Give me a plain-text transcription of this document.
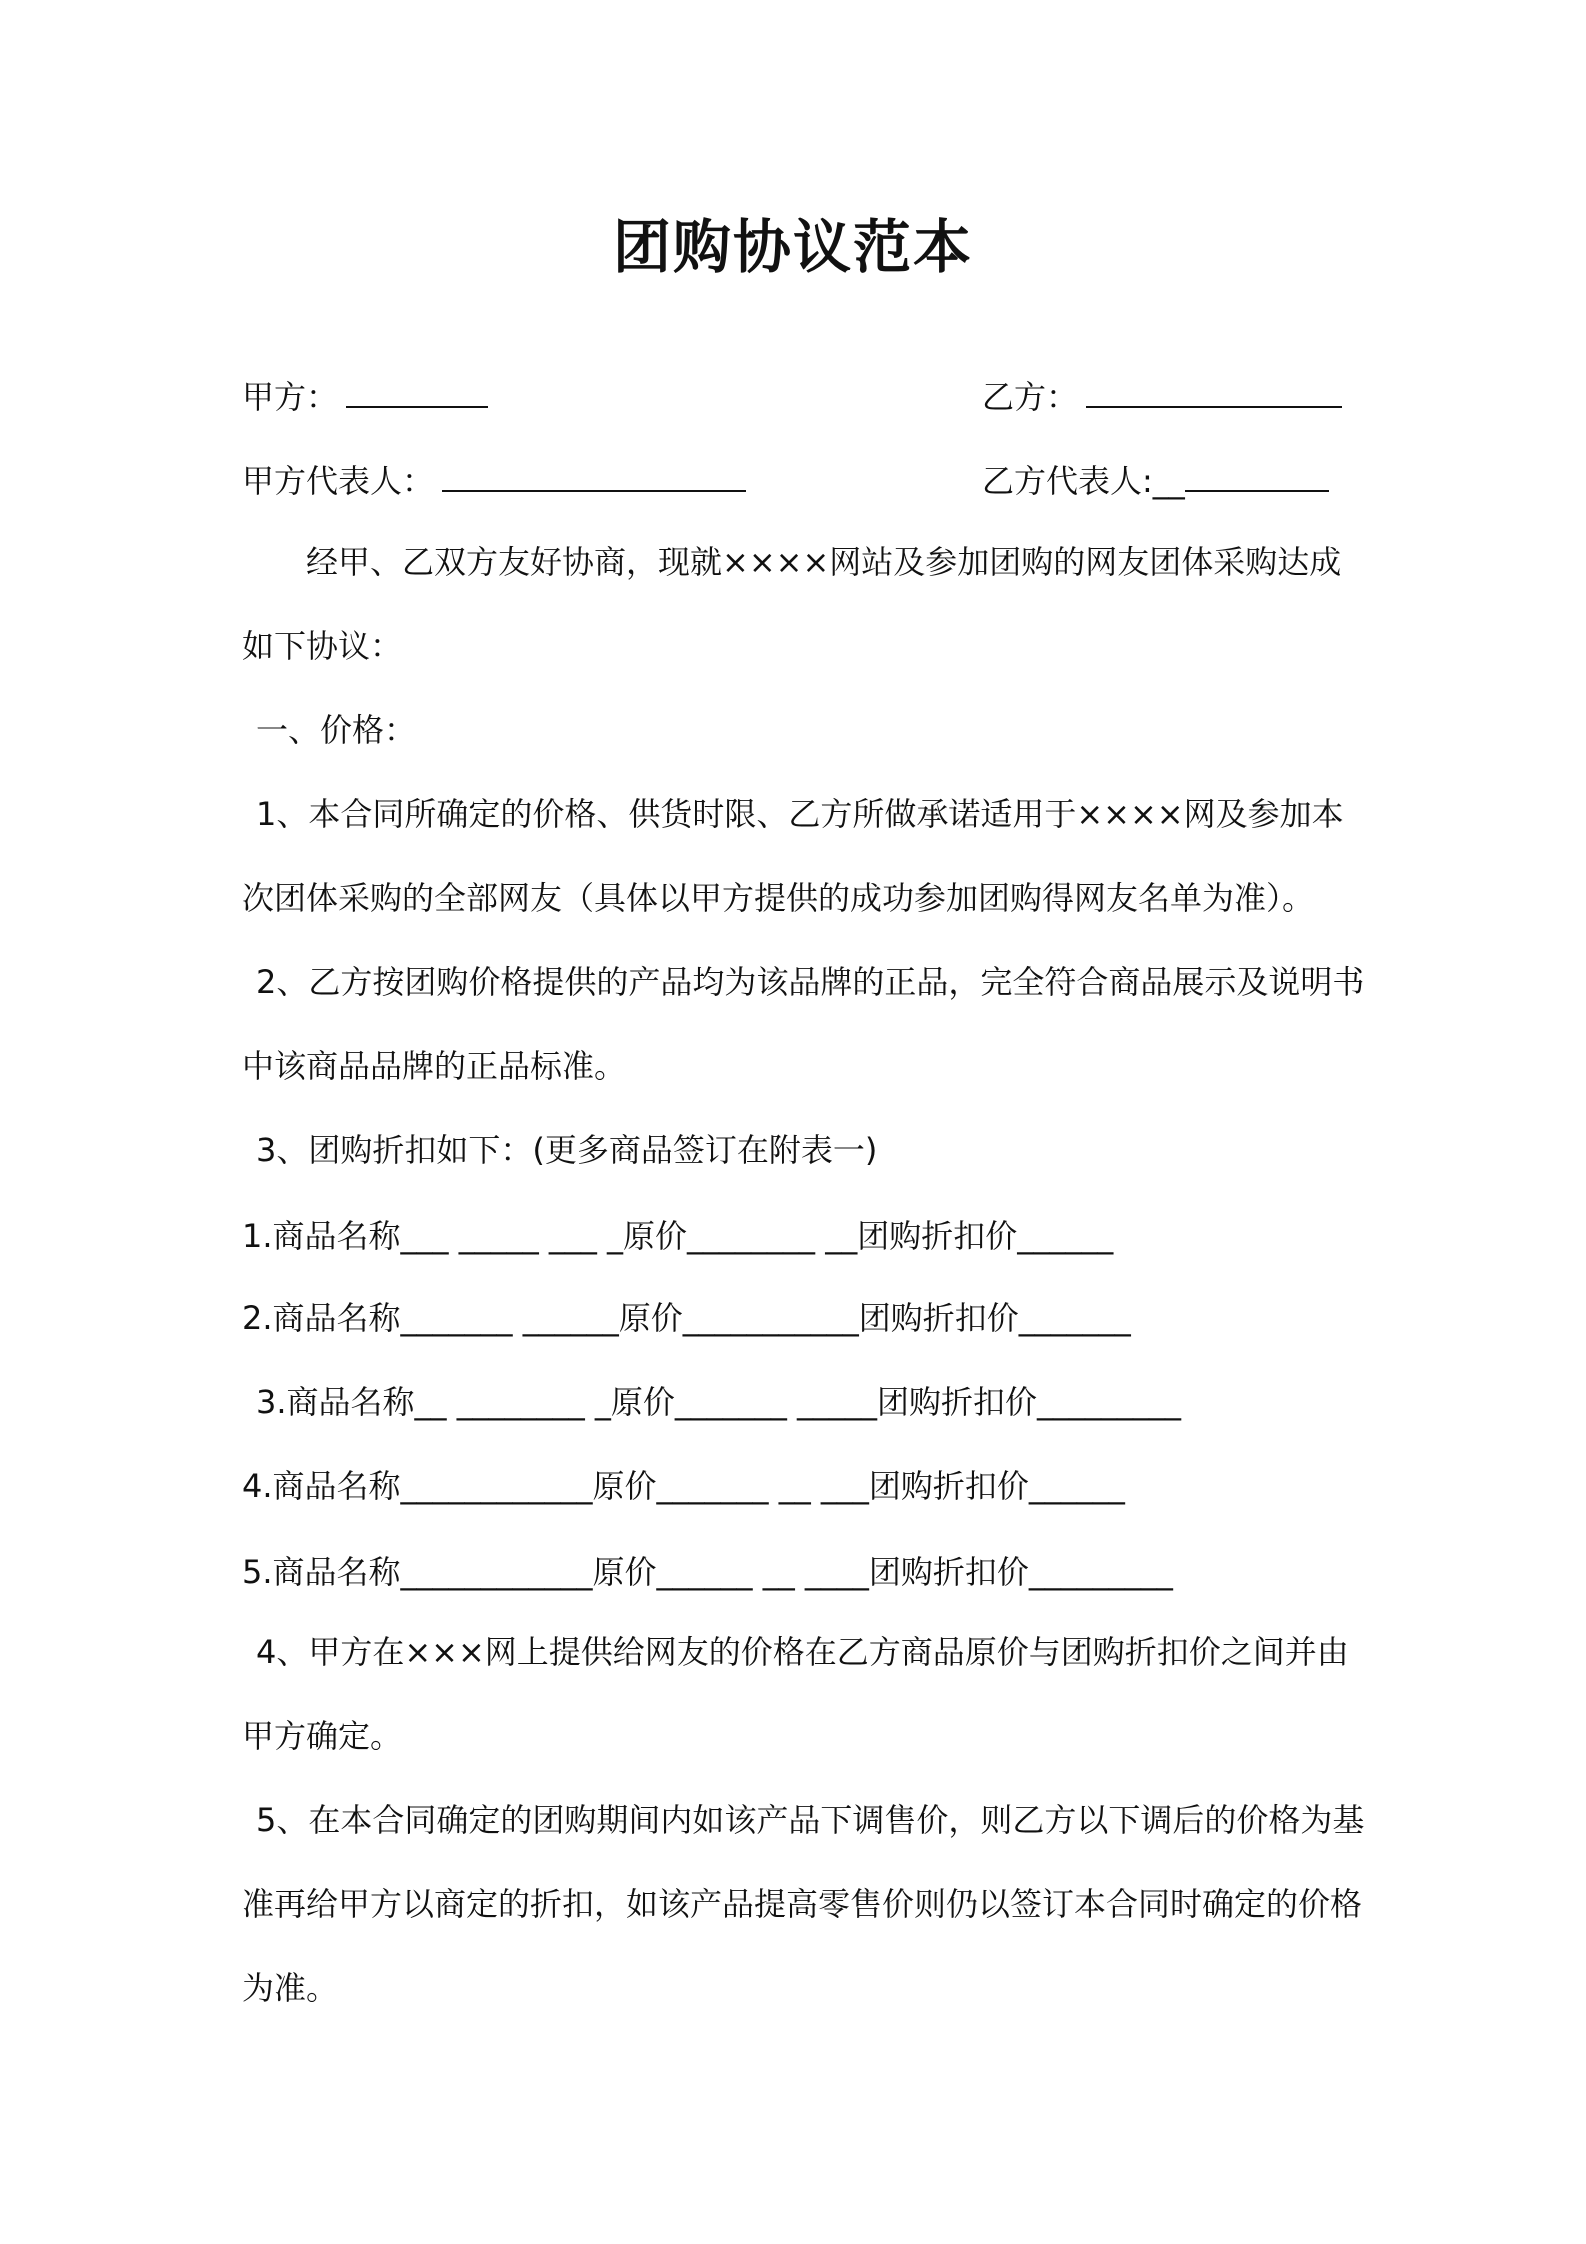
团购协议范本
甲方：	乙方：
甲方代表人：	乙方代表人:__
经甲、乙双方友好协商，现就××××网站及参加团购的网友团体采购达成
如下协议：
一、价格：
1、本合同所确定的价格、供货时限、乙方所做承诺适用于××××网及参加本
次团体采购的全部网友（具体以甲方提供的成功参加团购得网友名单为准）。
2、乙方按团购价格提供的产品均为该品牌的正品，完全符合商品展示及说明书
中该商品品牌的正品标准。
3、团购折扣如下：(更多商品签订在附表一)
1.商品名称___ _____ ___ _原价________ __团购折扣价______
2.商品名称_______ ______原价___________团购折扣价_______
3.商品名称__ ________ _原价_______ _____团购折扣价_________
4.商品名称____________原价_______ __ ___团购折扣价______
5.商品名称____________原价______ __ ____团购折扣价_________
4、甲方在×××网上提供给网友的价格在乙方商品原价与团购折扣价之间并由
甲方确定。
5、在本合同确定的团购期间内如该产品下调售价，则乙方以下调后的价格为基
准再给甲方以商定的折扣，如该产品提高零售价则仍以签订本合同时确定的价格
为准。
